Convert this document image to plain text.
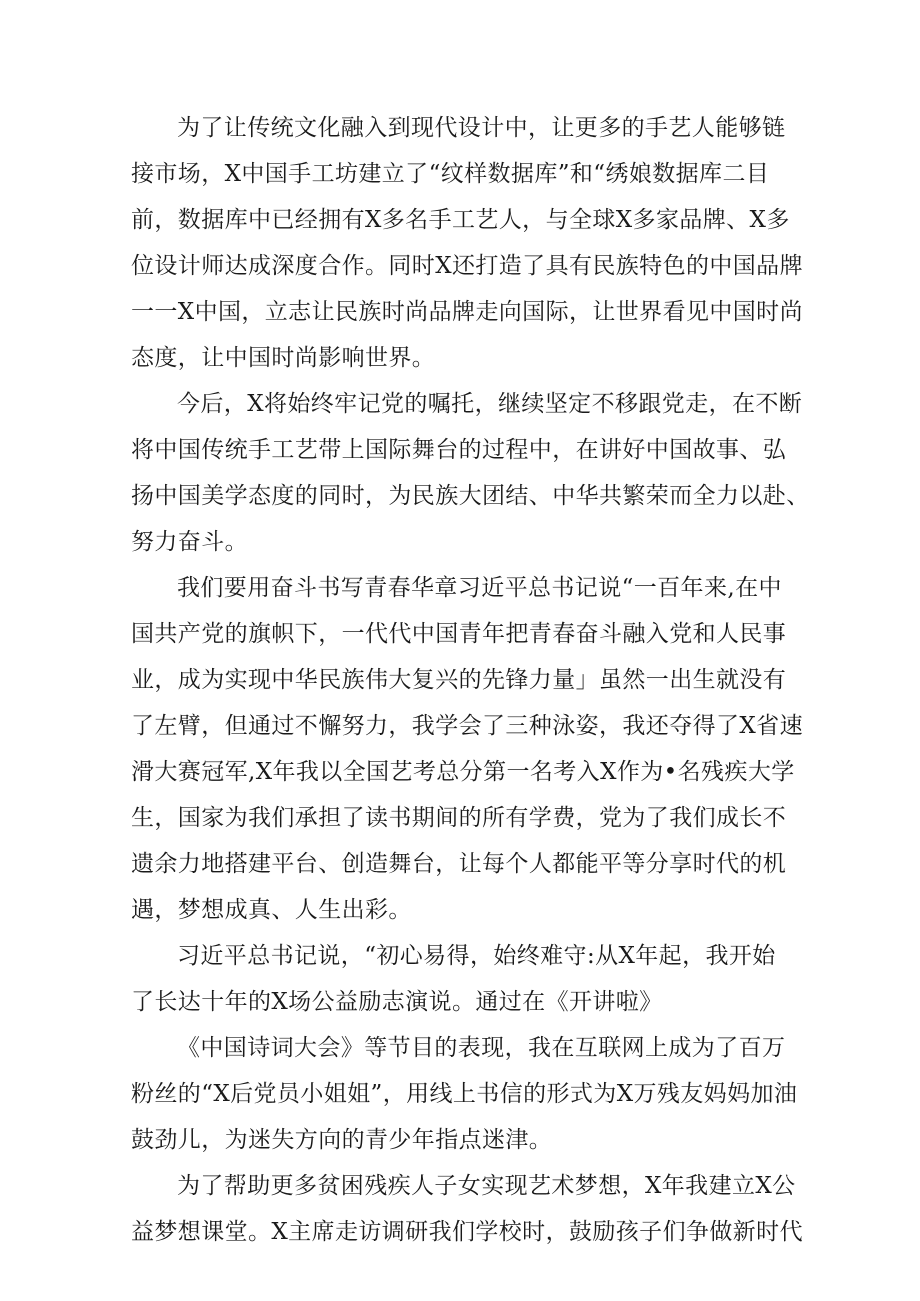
为了让传统文化融入到现代设计中，让更多的手艺人能够链
接市场，X中国手工坊建立了“纹样数据库”和“绣娘数据库二目
前，数据库中已经拥有X多名手工艺人，与全球X多家品牌、X多
位设计师达成深度合作。同时X还打造了具有民族特色的中国品牌
一一X中国，立志让民族时尚品牌走向国际，让世界看见中国时尚
态度，让中国时尚影响世界。
今后，X将始终牢记党的嘱托，继续坚定不移跟党走，在不断
将中国传统手工艺带上国际舞台的过程中，在讲好中国故事、弘
扬中国美学态度的同时，为民族大团结、中华共繁荣而全力以赴、
努力奋斗。
我们要用奋斗书写青春华章习近平总书记说“一百年来,在中
国共产党的旗帜下，一代代中国青年把青春奋斗融入党和人民事
业，成为实现中华民族伟大复兴的先锋力量」虽然一出生就没有
了左臂，但通过不懈努力，我学会了三种泳姿，我还夺得了X省速
滑大赛冠军,X年我以全国艺考总分第一名考入X作为•名残疾大学
生，国家为我们承担了读书期间的所有学费，党为了我们成长不
遗余力地搭建平台、创造舞台，让每个人都能平等分享时代的机
遇，梦想成真、人生出彩。
习近平总书记说，“初心易得，始终难守:从X年起，我开始
了长达十年的X场公益励志演说。通过在《开讲啦》
《中国诗词大会》等节目的表现，我在互联网上成为了百万
粉丝的“X后党员小姐姐”，用线上书信的形式为X万残友妈妈加油
鼓劲儿，为迷失方向的青少年指点迷津。
为了帮助更多贫困残疾人子女实现艺术梦想，X年我建立X公
益梦想课堂。X主席走访调研我们学校时，鼓励孩子们争做新时代
